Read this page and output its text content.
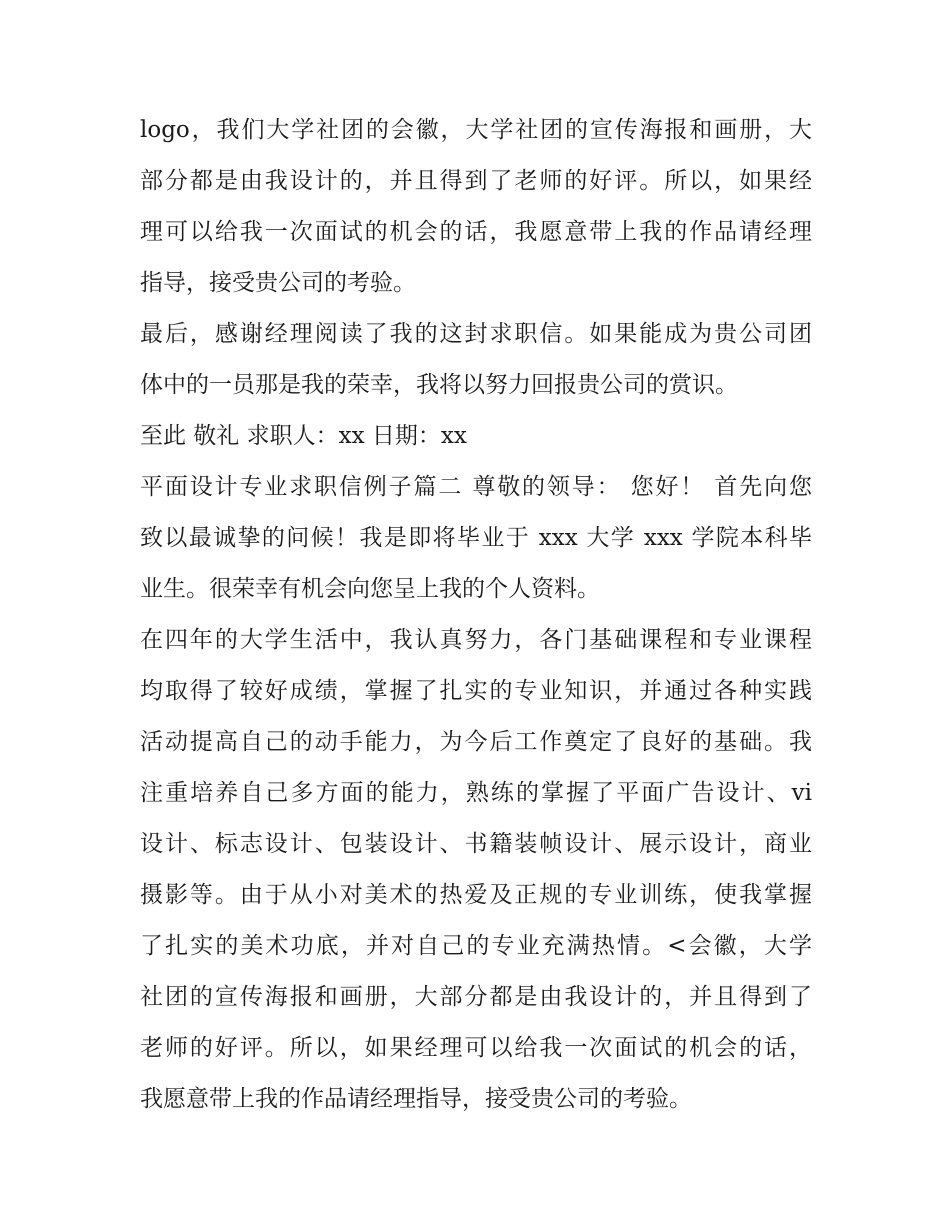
logo，我们大学社团的会徽，大学社团的宣传海报和画册，大
部分都是由我设计的，并且得到了老师的好评。所以，如果经
理可以给我一次面试的机会的话，我愿意带上我的作品请经理
指导，接受贵公司的考验。
最后，感谢经理阅读了我的这封求职信。如果能成为贵公司团
体中的一员那是我的荣幸，我将以努力回报贵公司的赏识。
至此 敬礼 求职人：xx 日期：xx
平面设计专业求职信例子篇二 尊敬的领导： 您好！ 首先向您
致以最诚挚的问候！我是即将毕业于 xxx 大学 xxx 学院本科毕
业生。很荣幸有机会向您呈上我的个人资料。
在四年的大学生活中，我认真努力，各门基础课程和专业课程
均取得了较好成绩，掌握了扎实的专业知识，并通过各种实践
活动提高自己的动手能力，为今后工作奠定了良好的基础。我
注重培养自己多方面的能力，熟练的掌握了平面广告设计、vi
设计、标志设计、包装设计、书籍装帧设计、展示设计，商业
摄影等。由于从小对美术的热爱及正规的专业训练，使我掌握
了扎实的美术功底，并对自己的专业充满热情。<会徽，大学
社团的宣传海报和画册，大部分都是由我设计的，并且得到了
老师的好评。所以，如果经理可以给我一次面试的机会的话，
我愿意带上我的作品请经理指导，接受贵公司的考验。
